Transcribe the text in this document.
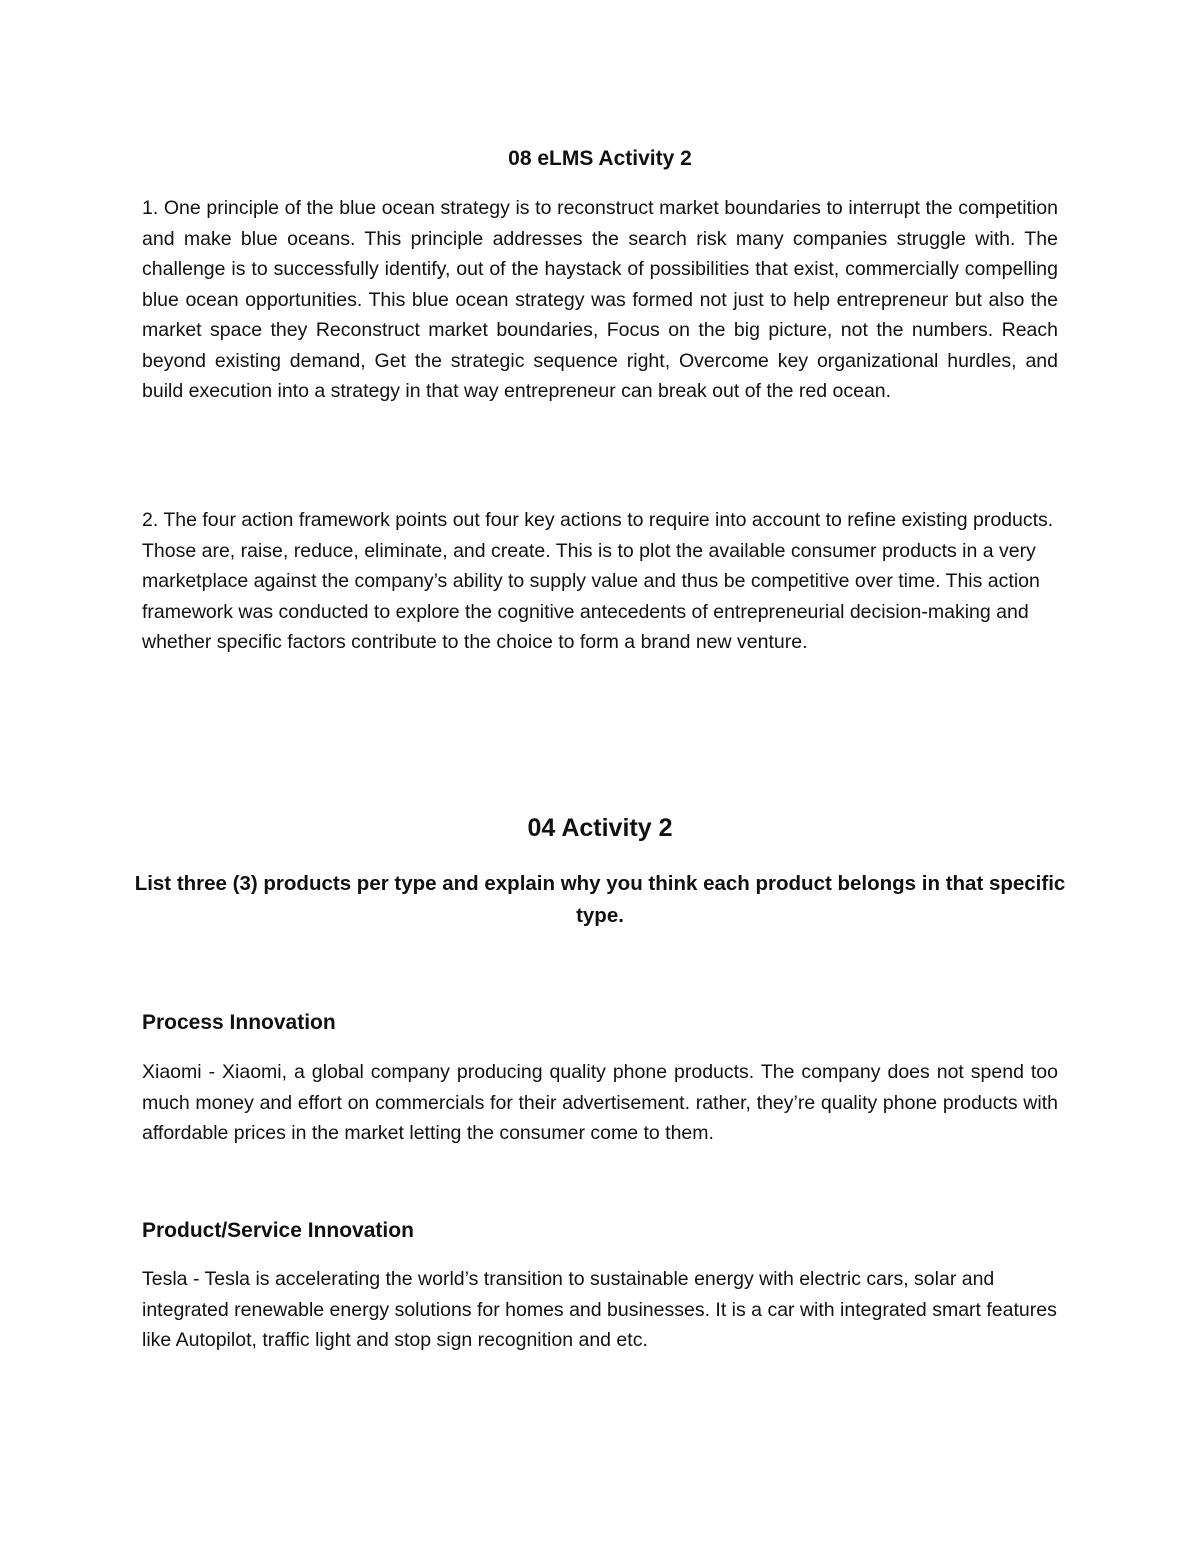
08 eLMS Activity 2

1. One principle of the blue ocean strategy is to reconstruct market boundaries to interrupt the competition and make blue oceans. This principle addresses the search risk many companies struggle with. The challenge is to successfully identify, out of the haystack of possibilities that exist, commercially compelling blue ocean opportunities. This blue ocean strategy was formed not just to help entrepreneur but also the market space they Reconstruct market boundaries, Focus on the big picture, not the numbers. Reach beyond existing demand, Get the strategic sequence right, Overcome key organizational hurdles, and build execution into a strategy in that way entrepreneur can break out of the red ocean.

2. The four action framework points out four key actions to require into account to refine existing products. Those are, raise, reduce, eliminate, and create. This is to plot the available consumer products in a very marketplace against the company’s ability to supply value and thus be competitive over time. This action framework was conducted to explore the cognitive antecedents of entrepreneurial decision-making and whether specific factors contribute to the choice to form a brand new venture.

04 Activity 2

List three (3) products per type and explain why you think each product belongs in that specific type.

Process Innovation

Xiaomi - Xiaomi, a global company producing quality phone products. The company does not spend too much money and effort on commercials for their advertisement. rather, they’re quality phone products with affordable prices in the market letting the consumer come to them.

Product/Service Innovation

Tesla - Tesla is accelerating the world’s transition to sustainable energy with electric cars, solar and integrated renewable energy solutions for homes and businesses. It is a car with integrated smart features like Autopilot, traffic light and stop sign recognition and etc.
